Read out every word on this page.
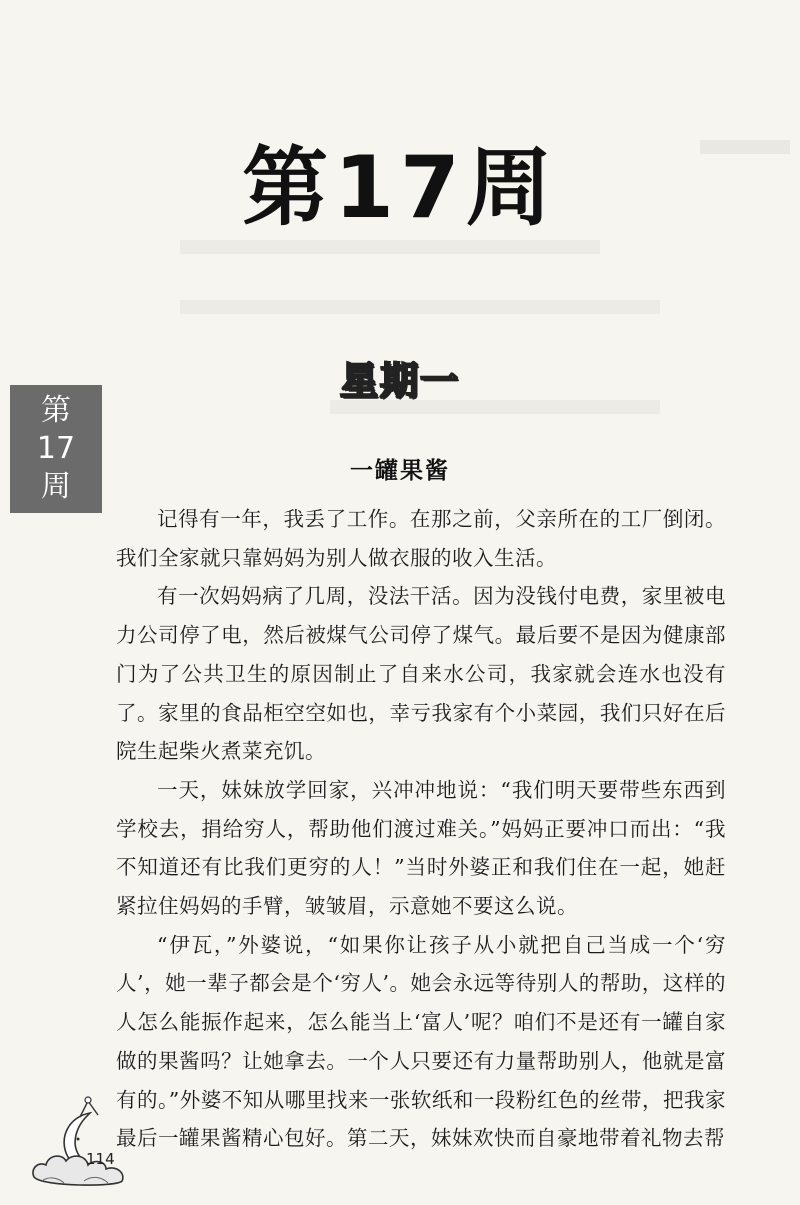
第17周
第
17
周
星期一
一罐果酱

记得有一年，我丢了工作。在那之前，父亲所在的工厂倒闭。我们全家就只靠妈妈为别人做衣服的收入生活。

有一次妈妈病了几周，没法干活。因为没钱付电费，家里被电力公司停了电，然后被煤气公司停了煤气。最后要不是因为健康部门为了公共卫生的原因制止了自来水公司，我家就会连水也没有了。家里的食品柜空空如也，幸亏我家有个小菜园，我们只好在后院生起柴火煮菜充饥。

一天，妹妹放学回家，兴冲冲地说：“我们明天要带些东西到学校去，捐给穷人，帮助他们渡过难关。”妈妈正要冲口而出：“我不知道还有比我们更穷的人！”当时外婆正和我们住在一起，她赶紧拉住妈妈的手臂，皱皱眉，示意她不要这么说。

“伊瓦，”外婆说，“如果你让孩子从小就把自己当成一个‘穷人’，她一辈子都会是个‘穷人’。她会永远等待别人的帮助，这样的人怎么能振作起来，怎么能当上‘富人’呢？咱们不是还有一罐自家做的果酱吗？让她拿去。一个人只要还有力量帮助别人，他就是富有的。”外婆不知从哪里找来一张软纸和一段粉红色的丝带，把我家最后一罐果酱精心包好。第二天，妹妹欢快而自豪地带着礼物去帮

114
